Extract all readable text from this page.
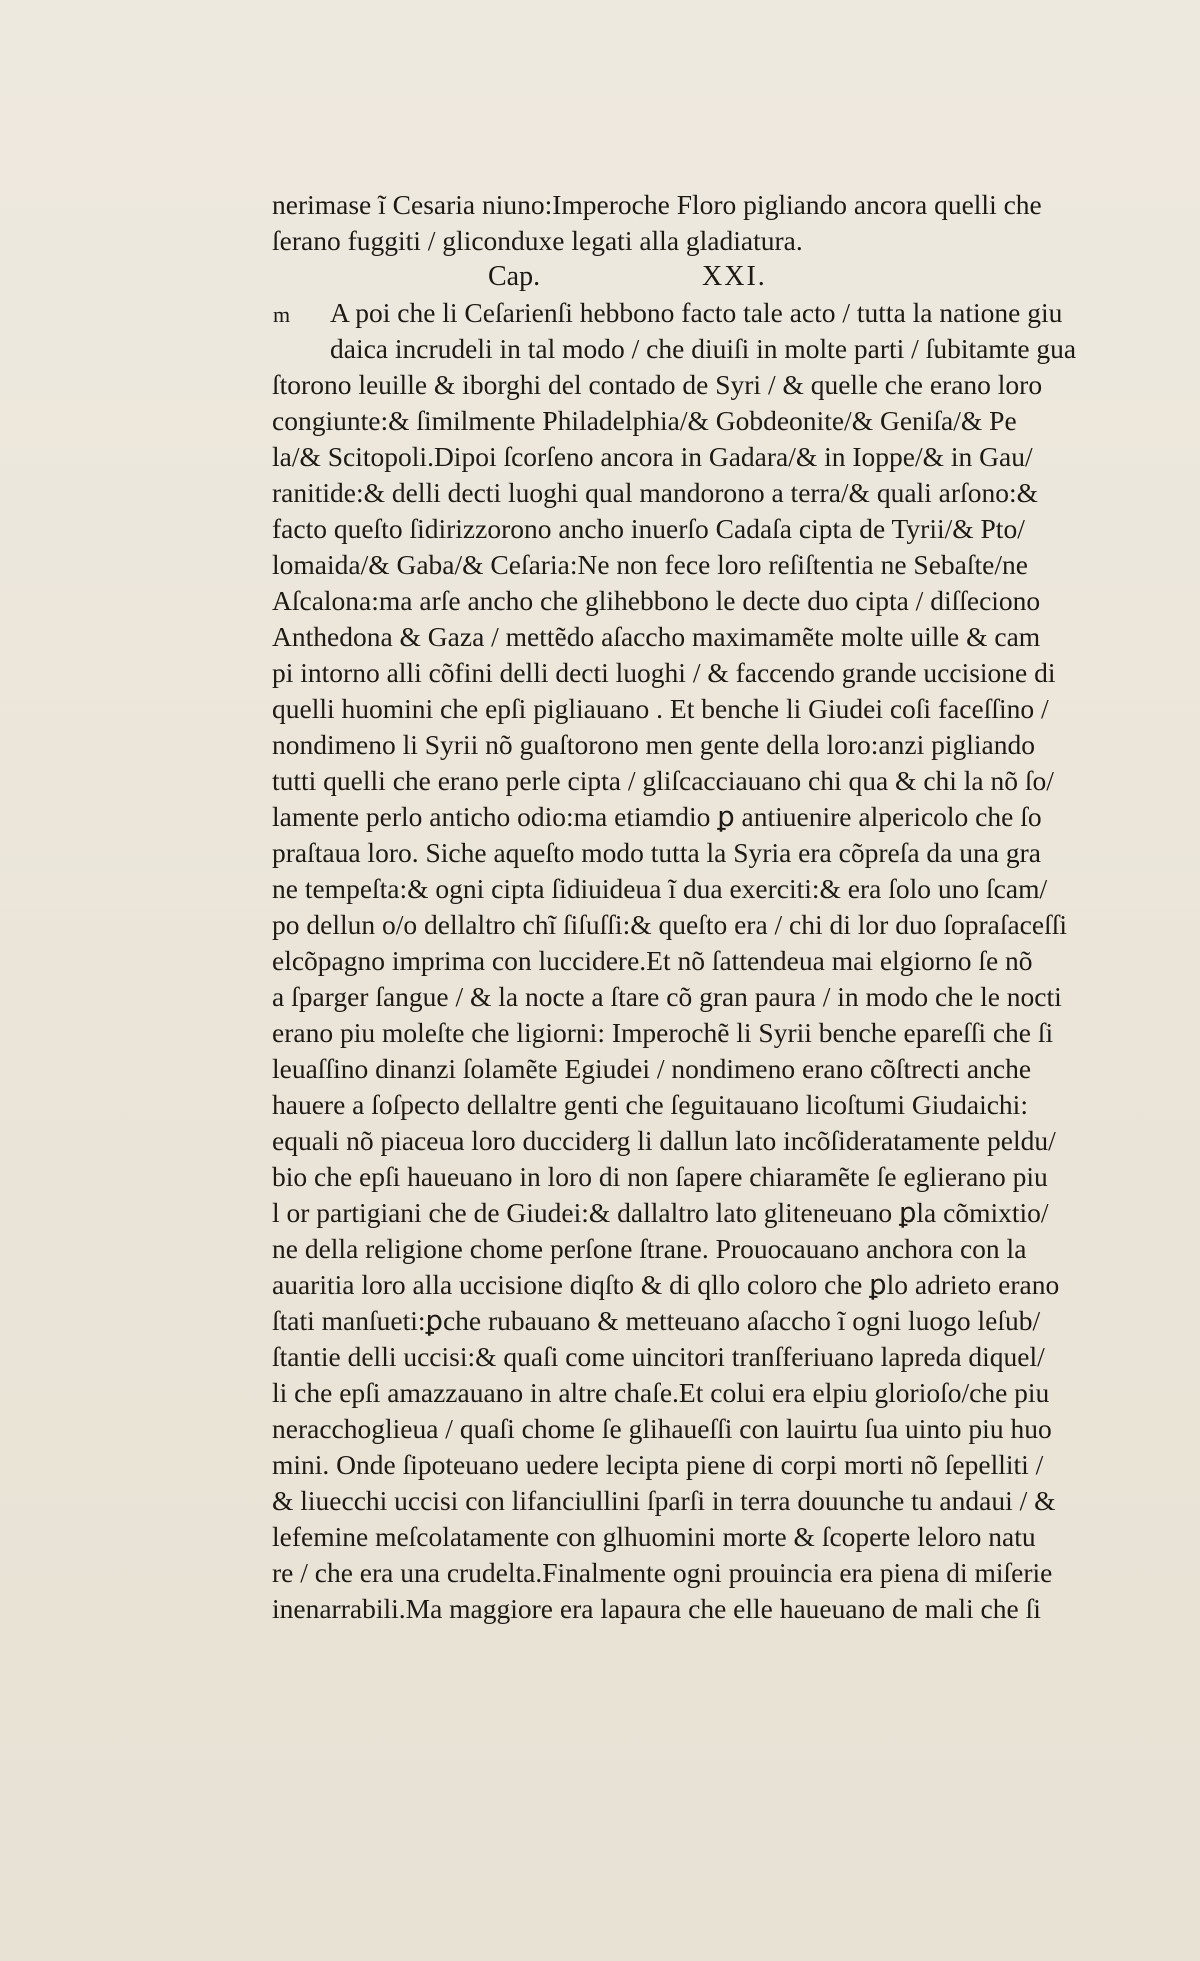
m
nerimase ĩ Cesaria niuno:Imperoche Floro pigliando ancora quelli che
ſerano fuggiti / gliconduxe legati alla gladiatura.
Cap.	XXI.
A poi che li Ceſarienſi hebbono facto tale acto / tutta la natione giu
daica incrudeli in tal modo / che diuiſi in molte parti / ſubitamte gua
ſtorono leuille & iborghi del contado de Syri / & quelle che erano loro
congiunte:& ſimilmente Philadelphia/& Gobdeonite/& Geniſa/& Pe
la/& Scitopoli.Dipoi ſcorſeno ancora in Gadara/& in Ioppe/& in Gau/
ranitide:& delli decti luoghi qual mandorono a terra/& quali arſono:&
facto queſto ſidirizzorono ancho inuerſo Cadaſa cipta de Tyrii/& Pto/
lomaida/& Gaba/& Ceſaria:Ne non fece loro reſiſtentia ne Sebaſte/ne
Aſcalona:ma arſe ancho che glihebbono le decte duo cipta / diſſeciono
Anthedona & Gaza / mettẽdo aſaccho maximamẽte molte uille & cam
pi intorno alli cõfini delli decti luoghi / & faccendo grande uccisione di
quelli huomini che epſi pigliauano . Et benche li Giudei coſi faceſſino /
nondimeno li Syrii nõ guaſtorono men gente della loro:anzi pigliando
tutti quelli che erano perle cipta / gliſcacciauano chi qua & chi la nõ ſo/
lamente perlo anticho odio:ma etiamdio ꝑ antiuenire alpericolo che ſo
praſtaua loro. Siche aqueſto modo tutta la Syria era cõpreſa da una gra
ne tempeſta:& ogni cipta ſidiuideua ĩ dua exerciti:& era ſolo uno ſcam/
po dellun o/o dellaltro chĩ ſiſuſſi:& queſto era / chi di lor duo ſopraſaceſſi
elcõpagno imprima con luccidere.Et nõ ſattendeua mai elgiorno ſe nõ
a ſparger ſangue / & la nocte a ſtare cõ gran paura / in modo che le nocti
erano piu moleſte che ligiorni: Imperochẽ li Syrii benche epareſſi che ſi
leuaſſino dinanzi ſolamẽte Egiudei / nondimeno erano cõſtrecti anche
hauere a ſoſpecto dellaltre genti che ſeguitauano licoſtumi Giudaichi:
equali nõ piaceua loro ducciderg li dallun lato incõſideratamente peldu/
bio che epſi haueuano in loro di non ſapere chiaramẽte ſe eglierano piu
l or partigiani che de Giudei:& dallaltro lato gliteneuano ꝑla cõmixtio/
ne della religione chome perſone ſtrane. Prouocauano anchora con la
auaritia loro alla uccisione diqſto & di qllo coloro che ꝑlo adrieto erano
ſtati manſueti:ꝑche rubauano & metteuano aſaccho ĩ ogni luogo leſub/
ſtantie delli uccisi:& quaſi come uincitori tranſferiuano lapreda diquel/
li che epſi amazzauano in altre chaſe.Et colui era elpiu glorioſo/che piu
neracchoglieua / quaſi chome ſe glihaueſſi con lauirtu ſua uinto piu huo
mini. Onde ſipoteuano uedere lecipta piene di corpi morti nõ ſepelliti /
& liuecchi uccisi con lifanciullini ſparſi in terra douunche tu andaui / &
lefemine meſcolatamente con glhuomini morte & ſcoperte leloro natu
re / che era una crudelta.Finalmente ogni prouincia era piena di miſerie
inenarrabili.Ma maggiore era lapaura che elle haueuano de mali che ſi
